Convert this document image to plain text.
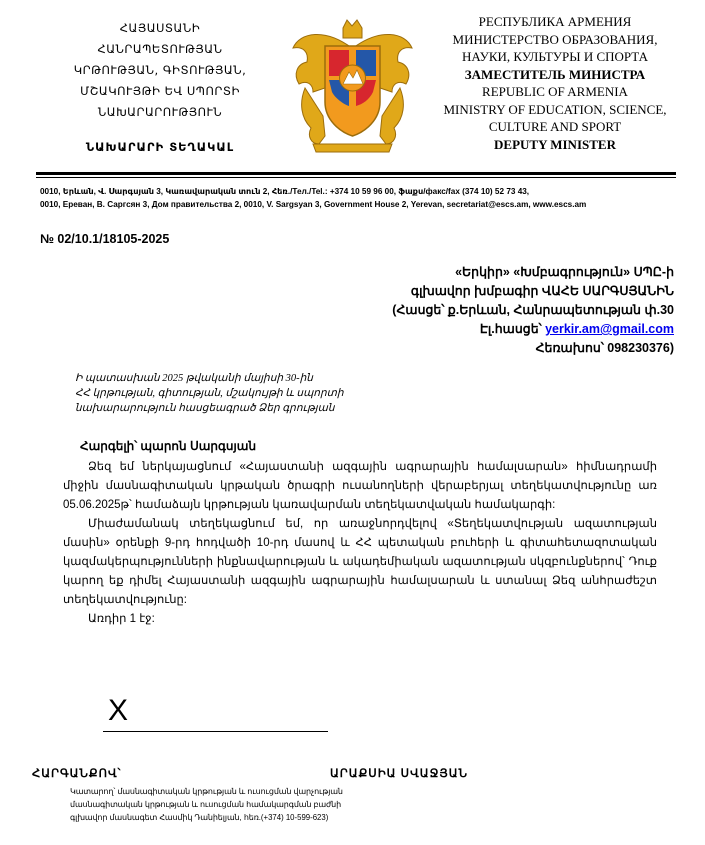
ՀԱՅԱՍՏԱՆԻ
ՀԱՆՐԱՊԵՏՈՒԹՅԱՆ
ԿՐԹՈՒԹՅԱՆ, ԳԻՏՈՒԹՅԱՆ,
ՄՇԱԿՈՒՅԹԻ ԵՎ ՍՊՈՐՏԻ
ՆԱԽԱՐԱՐՈՒԹՅՈՒՆ
ՆԱԽԱՐԱՐԻ ՏԵՂԱԿԱԼ
РЕСПУБЛИКА АРМЕНИЯ
МИНИСТЕРСТВО ОБРАЗОВАНИЯ,
НАУКИ, КУЛЬТУРЫ И СПОРТА
ЗАМЕСТИТЕЛЬ МИНИСТРА
REPUBLIC OF ARMENIA
MINISTRY OF EDUCATION, SCIENCE,
CULTURE AND SPORT
DEPUTY MINISTER
0010, Երևան, Վ. Սարգսյան 3, Կառավարական տուն 2, Հեռ./Тел./Tel.: +374 10 59 96 00, ֆաքս/факс/fax (374 10) 52 73 43,
0010, Ереван, В. Саргсян 3, Дом правительства 2, 0010, V. Sargsyan 3, Government House 2, Yerevan, secretariat@escs.am, www.escs.am
№ 02/10.1/18105-2025
«Երկիր» «Խմբագրություն» ՍՊԸ-ի
գլխավոր խմբագիր ՎԱՀԵ ՍԱՐԳՍՅԱՆԻՆ
(Հասցե՝ ք.Երևան, Հանրապետության փ.30
Էլ.հասցե՝ yerkir.am@gmail.com
Հեռախոս՝ 098230376)
Ի պատասխան 2025 թվականի մայիսի 30-ին
ՀՀ կրթության, գիտության, մշակույթի և սպորտի
նախարարություն հասցեագրած Ձեր գրության
Հարգելի՝ պարոն Սարգսյան

Ձեզ եմ ներկայացնում «Հայաստանի ազգային ագրարային համալսարան» հիմնադրամի միջին մասնագիտական կրթական ծրագրի ուսանողների վերաբերյալ տեղեկատվությունը առ 05.06.2025թ՝ համաձայն կրթության կառավարման տեղեկատվական համակարգի:

Միաժամանակ տեղեկացնում եմ, որ առաջնորդվելով «Տեղեկատվության ազատության մասին» օրենքի 9-րդ հոդվածի 10-րդ մասով և ՀՀ պետական բուհերի և գիտահետազոտական կազմակերպությունների ինքնավարության և ակադեմիական ազատության սկզբունքներով՝ Դուք կարող եք դիմել Հայաստանի ազգային ագրարային համալսարան և ստանալ Ձեզ անհրաժեշտ տեղեկատվությունը:

Առդիր 1 էջ:

X
ՀԱՐԳԱՆՔՈՎ՝	ԱՐԱՔՍԻԱ ՍՎԱՋՅԱՆ
Կատարող՝ մասնագիտական կրթության և ուսուցման վարչության
մասնագիտական կրթության և ուսուցման համակարգման բաժնի
գլխավոր մասնագետ Հասմիկ Դանիելյան, հեռ.(+374) 10-599-623)
